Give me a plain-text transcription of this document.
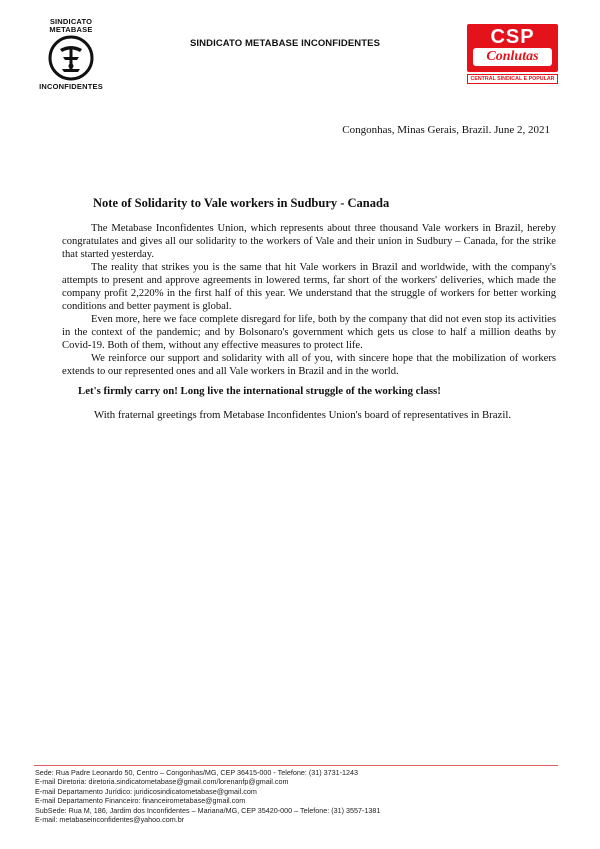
SINDICATO
METABASE
INCONFIDENTES
SINDICATO METABASE INCONFIDENTES	CSP
Conlutas
CENTRAL SINDICAL E POPULAR
Congonhas, Minas Gerais, Brazil. June 2, 2021
Note of Solidarity to Vale workers in Sudbury - Canada

The Metabase Inconfidentes Union, which represents about three thousand Vale workers in Brazil, hereby congratulates and gives all our solidarity to the workers of Vale and their union in Sudbury – Canada, for the strike that started yesterday.

The reality that strikes you is the same that hit Vale workers in Brazil and worldwide, with the company's attempts to present and approve agreements in lowered terms, far short of the workers' deliveries, which made the company profit 2,220% in the first half of this year. We understand that the struggle of workers for better working conditions and better payment is global.

Even more, here we face complete disregard for life, both by the company that did not even stop its activities in the context of the pandemic; and by Bolsonaro's government which gets us close to half a million deaths by Covid-19. Both of them, without any effective measures to protect life.

We reinforce our support and solidarity with all of you, with sincere hope that the mobilization of workers extends to our represented ones and all Vale workers in Brazil and in the world.

Let's firmly carry on! Long live the international struggle of the working class!
With fraternal greetings from Metabase Inconfidentes Union's board of representatives in Brazil.
Sede: Rua Padre Leonardo 50, Centro – Congonhas/MG, CEP 36415-000 - Telefone: (31) 3731-1243
E-mail Diretoria: diretoria.sindicatometabase@gmail.com/lorenanfp@gmail.com
E-mail Departamento Jurídico: juridicosindicatometabase@gmail.com
E-mail Departamento Financeiro: financeirometabase@gmail.com
SubSede: Rua M, 186, Jardim dos Inconfidentes – Mariana/MG, CEP 35420-000 – Telefone: (31) 3557-1381
E-mail: metabaseinconfidentes@yahoo.com.br
